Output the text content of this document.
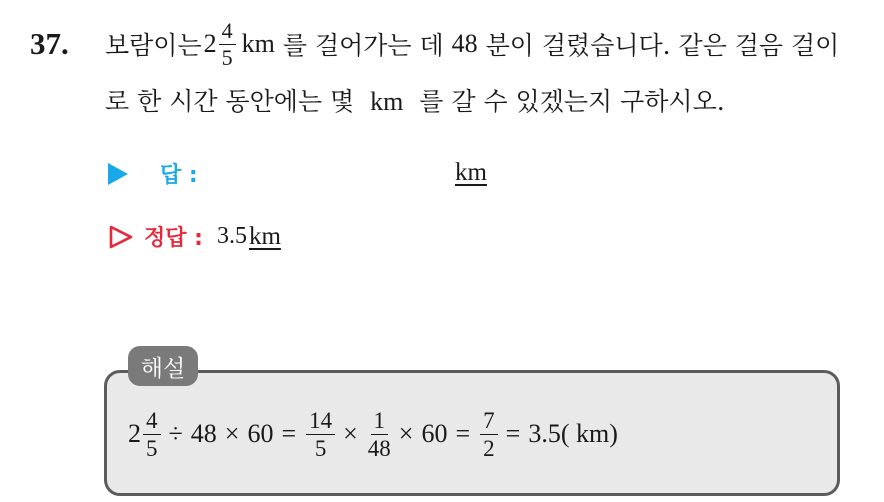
37. 보람이는 $2 \frac{4}{5}$ km 를 걸어가는 데 48 분이 걸렸습니다. 같은 걸음 걸이
로 한 시간 동안에는 몇 km 를 갈 수 있겠는지 구하시오.
답 :	km
정답 : 3.5 km
해설
$2 \frac{4}{5} \div 48 \times 60 = \frac{14}{5} \times \frac{1}{48} \times 60 = \frac{7}{2} = 3.5$( km)
